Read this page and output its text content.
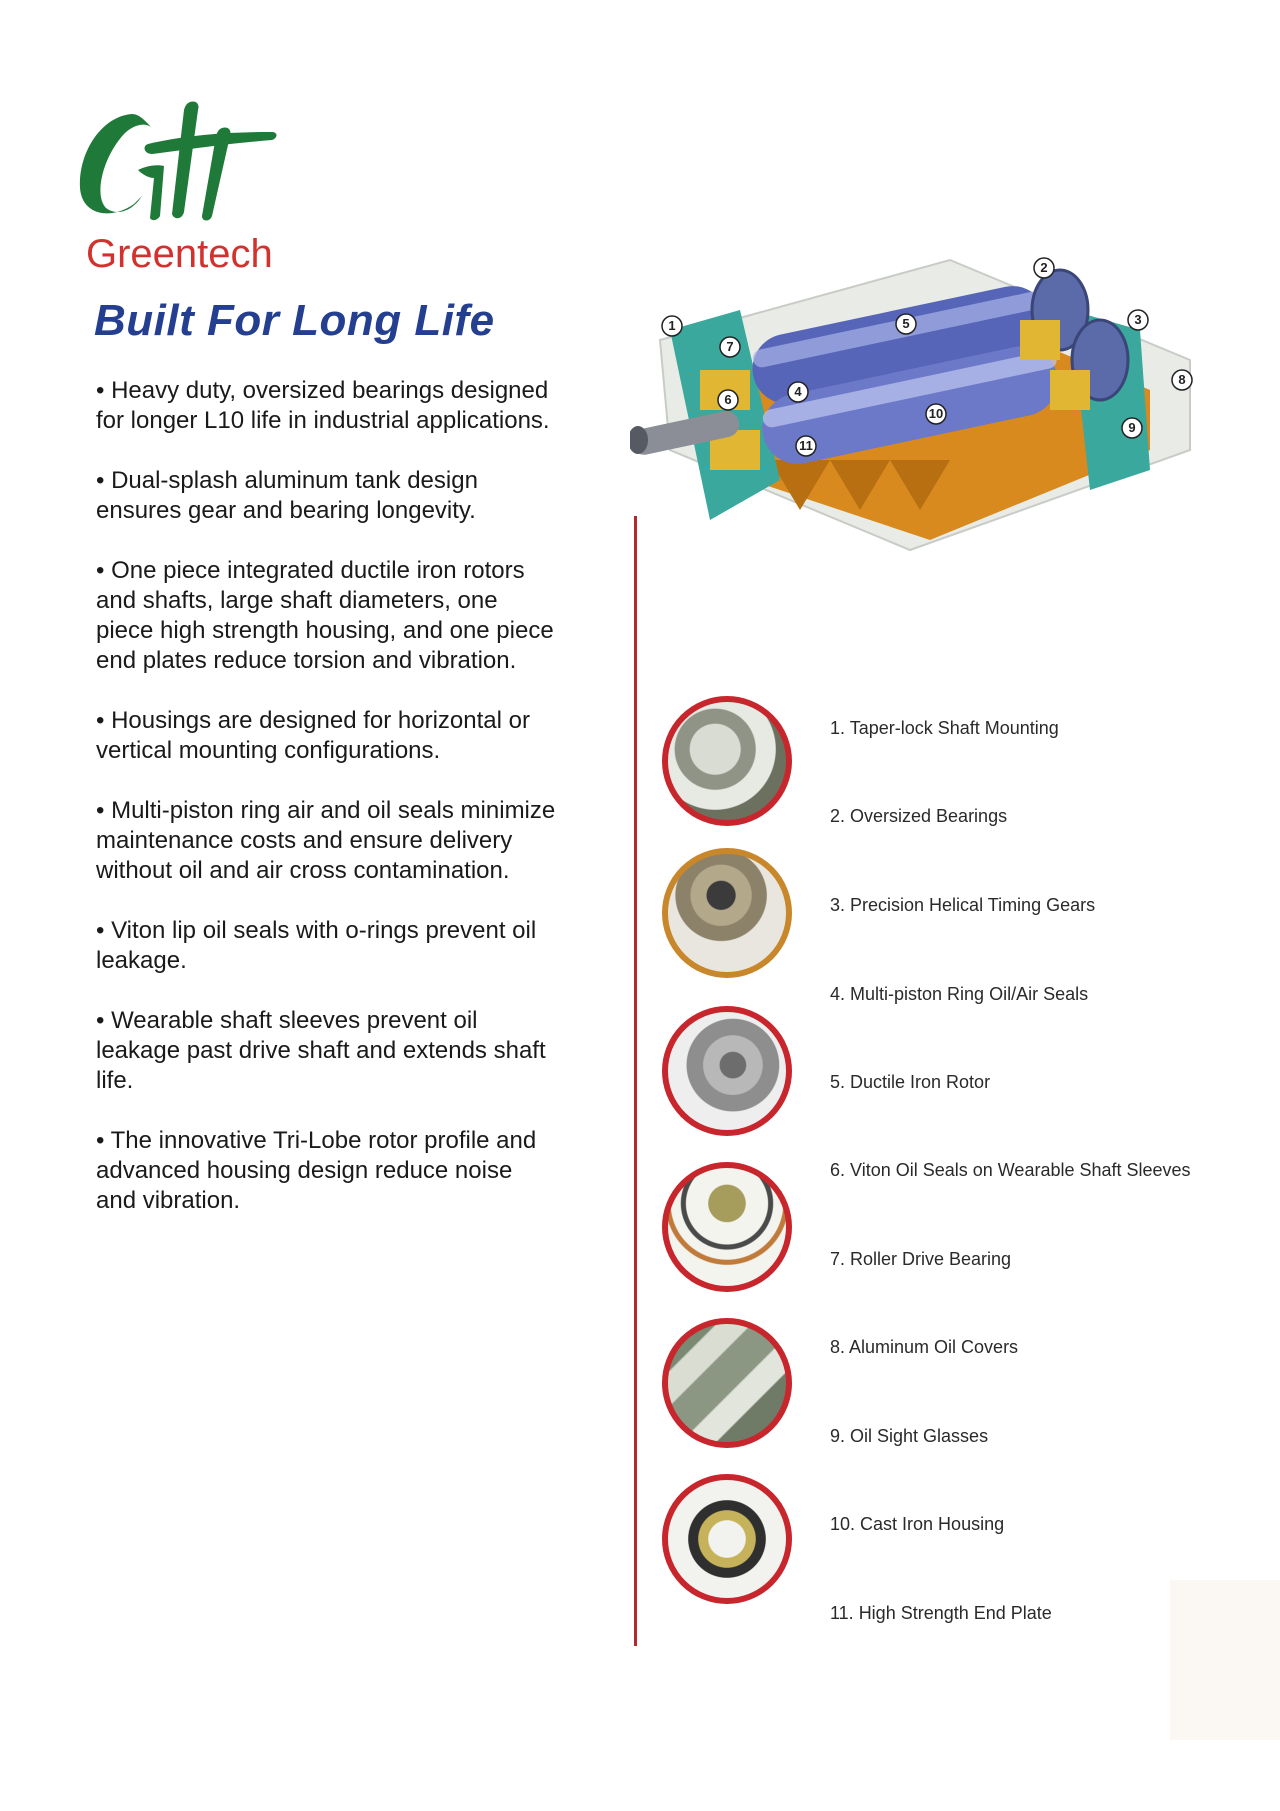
Greentech
Built For Long Life

• Heavy duty, oversized bearings designed for longer L10 life in industrial applications.

• Dual-splash aluminum tank design ensures gear and bearing longevity.

• One piece integrated ductile iron rotors and shafts, large shaft diameters, one piece high strength housing, and one piece end plates reduce torsion and vibration.

• Housings are designed for horizontal or vertical mounting configurations.

• Multi-piston ring air and oil seals minimize maintenance costs and ensure delivery without oil and air cross contamination.

• Viton lip oil seals with o-rings prevent oil leakage.

• Wearable shaft sleeves prevent oil leakage past drive shaft and extends shaft life.

• The innovative Tri-Lobe rotor profile and advanced housing design reduce noise and vibration.

1
2
3
4
5
6
7
8
9
10
11
1. Taper-lock Shaft Mounting
2. Oversized Bearings
3. Precision Helical Timing Gears
4. Multi-piston Ring Oil/Air Seals
5. Ductile Iron Rotor
6. Viton Oil Seals on Wearable Shaft Sleeves
7. Roller Drive Bearing
8. Aluminum Oil Covers
9. Oil Sight Glasses
10. Cast Iron Housing
11. High Strength End Plate
